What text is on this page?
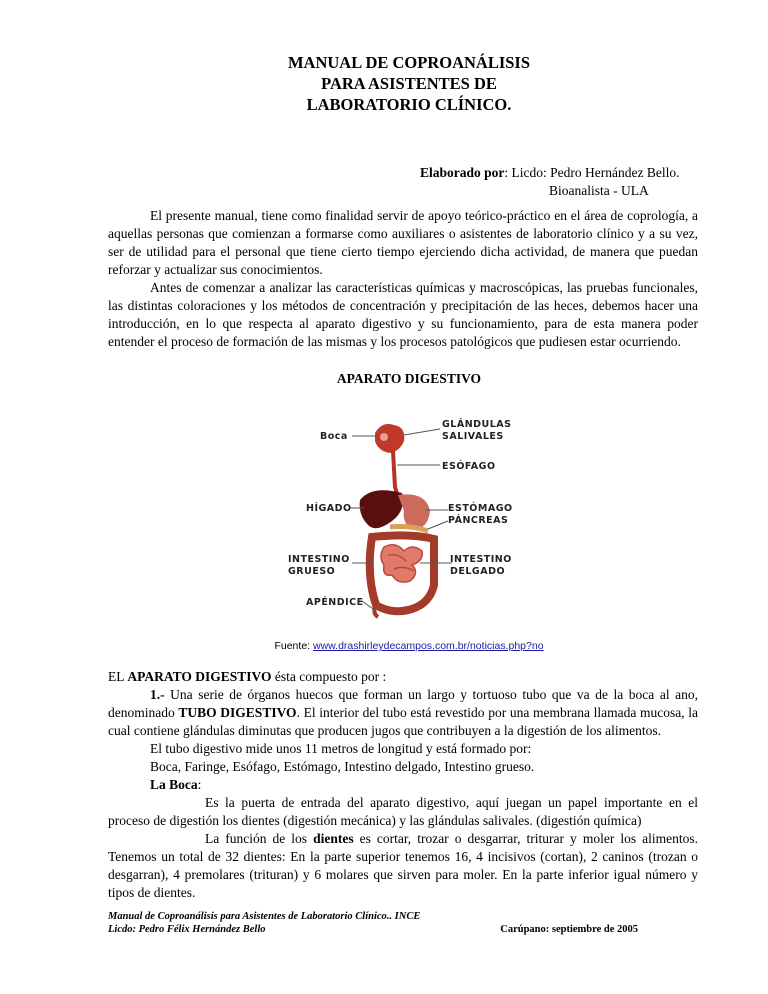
MANUAL DE COPROANÁLISIS
PARA ASISTENTES DE
LABORATORIO CLÍNICO.
Elaborado por: Licdo: Pedro Hernández Bello.
Bioanalista - ULA

El presente manual, tiene como finalidad servir de apoyo teórico-práctico en el área de coprología, a aquellas personas que comienzan a formarse como auxiliares o asistentes de laboratorio clínico y a su vez, ser de utilidad para el personal que tiene cierto tiempo ejerciendo dicha actividad, de manera que puedan reforzar y actualizar sus conocimientos.

Antes de comenzar a analizar las características químicas y macroscópicas, las pruebas funcionales, las distintas coloraciones y los métodos de concentración y precipitación de las heces, debemos hacer una introducción, en lo que respecta al aparato digestivo y su funcionamiento, para de esta manera poder entender el proceso de formación de las mismas y los procesos patológicos que pudiesen estar ocurriendo.

APARATO DIGESTIVO
Boca
GLÁNDULAS
SALIVALES
ESÓFAGO
HÍGADO	ESTÓMAGO
PÁNCREAS
INTESTINO
GRUESO
INTESTINO
DELGADO
APÉNDICE
Fuente: www.drashirleydecampos.com.br/noticias.php?no

EL APARATO DIGESTIVO ésta compuesto por :

1.- Una serie de órganos huecos que forman un largo y tortuoso tubo que va de la boca al ano, denominado TUBO DIGESTIVO. El interior del tubo está revestido por una membrana llamada mucosa, la cual contiene glándulas diminutas que producen jugos que contribuyen a la digestión de los alimentos.

El tubo digestivo mide unos 11 metros de longitud y está formado por:

Boca, Faringe, Esófago, Estómago, Intestino delgado, Intestino grueso.

La Boca:

Es la puerta de entrada del aparato digestivo, aquí juegan un papel importante en el proceso de digestión los dientes (digestión mecánica) y las glándulas salivales. (digestión química)

La función de los dientes es cortar, trozar o desgarrar, triturar y moler los alimentos. Tenemos un total de 32 dientes: En la parte superior tenemos 16, 4 incisivos (cortan), 2 caninos (trozan o desgarran), 4 premolares (trituran) y 6 molares que sirven para moler. En la parte inferior igual número y tipos de dientes.

Manual de Coproanálisis para Asistentes de Laboratorio Clínico.. INCE
Licdo: Pedro Félix Hernández Bello	Carúpano: septiembre de 2005
